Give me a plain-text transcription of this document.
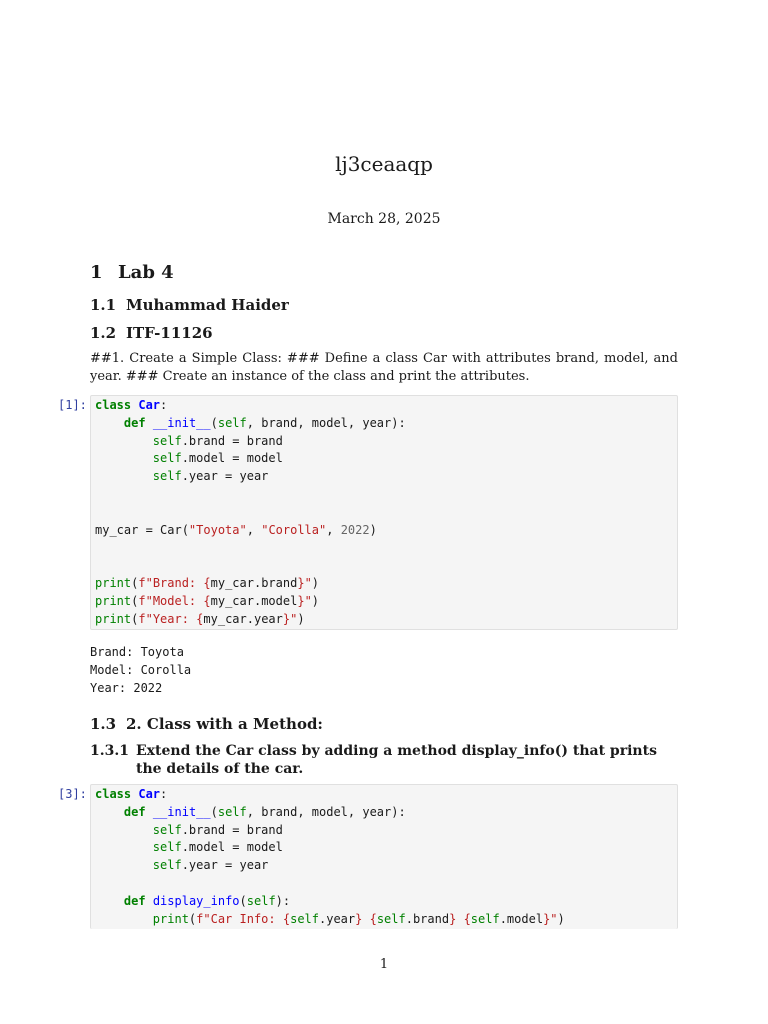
lj3ceaaqp
March 28, 2025
1 Lab 4
1.1 Muhammad Haider
1.2 ITF-11126
##1. Create a Simple Class: ### Define a class Car with attributes brand, model, and year. ### Create an instance of the class and print the attributes.
[1]: class Car:
def __init__(self, brand, model, year):
self.brand = brand
self.model = model
self.year = year

my_car = Car("Toyota", "Corolla", 2022)

print(f"Brand: {my_car.brand}")
print(f"Model: {my_car.model}")
print(f"Year: {my_car.year}")
Brand: Toyota
Model: Corolla
Year: 2022
1.3 2. Class with a Method:
1.3.1 Extend the Car class by adding a method display_info() that prints the details of the car.
[3]: class Car:
def __init__(self, brand, model, year):
self.brand = brand
self.model = model
self.year = year

def display_info(self):
print(f"Car Info: {self.year} {self.brand} {self.model}")
1
